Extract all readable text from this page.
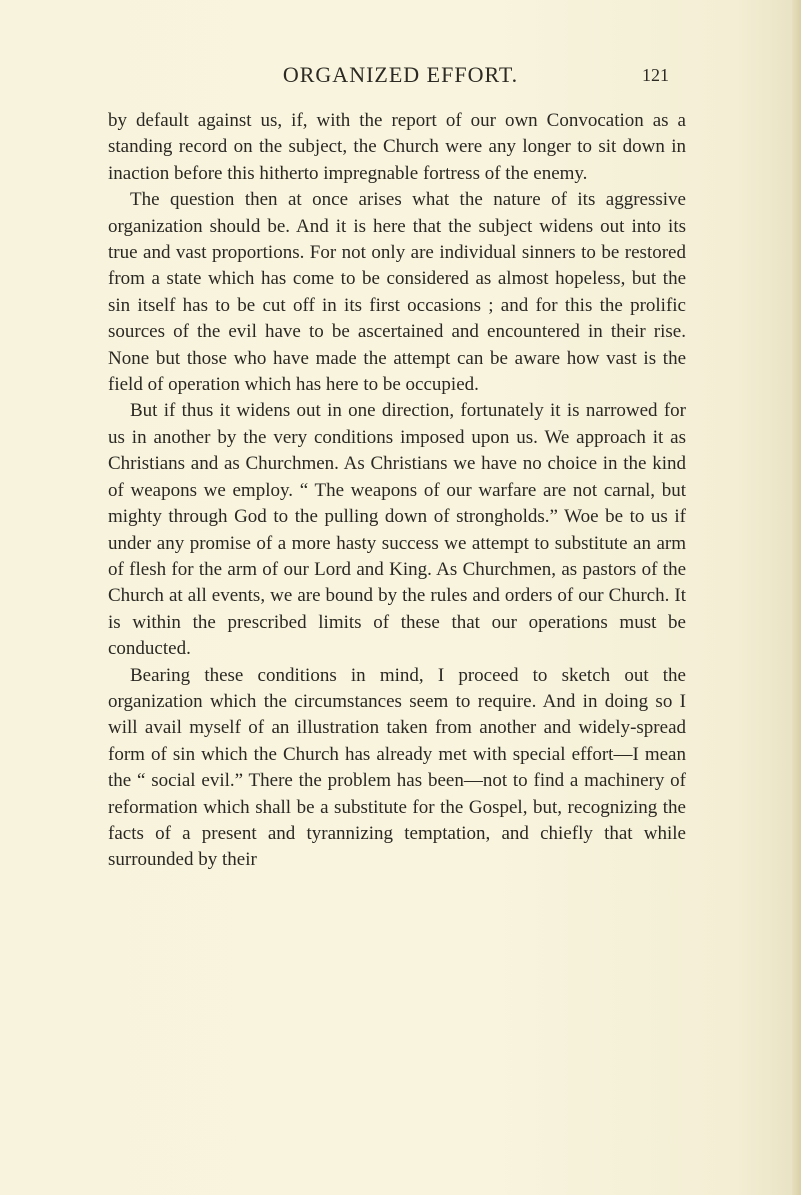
ORGANIZED EFFORT.	121

by default against us, if, with the report of our own Convocation as a standing record on the subject, the Church were any longer to sit down in inaction before this hitherto impregnable fortress of the enemy.

The question then at once arises what the nature of its aggressive organization should be. And it is here that the subject widens out into its true and vast proportions. For not only are individual sinners to be restored from a state which has come to be considered as almost hopeless, but the sin itself has to be cut off in its first occasions ; and for this the prolific sources of the evil have to be ascertained and encountered in their rise. None but those who have made the attempt can be aware how vast is the field of operation which has here to be occupied.

But if thus it widens out in one direction, fortunately it is narrowed for us in another by the very conditions imposed upon us. We approach it as Christians and as Churchmen. As Christians we have no choice in the kind of weapons we employ. “ The weapons of our warfare are not carnal, but mighty through God to the pulling down of strongholds.” Woe be to us if under any promise of a more hasty success we attempt to substitute an arm of flesh for the arm of our Lord and King. As Churchmen, as pastors of the Church at all events, we are bound by the rules and orders of our Church. It is within the prescribed limits of these that our operations must be conducted.

Bearing these conditions in mind, I proceed to sketch out the organization which the circumstances seem to require. And in doing so I will avail myself of an illustration taken from another and widely-spread form of sin which the Church has already met with special effort—I mean the “ social evil.” There the problem has been—not to find a machinery of reformation which shall be a substitute for the Gospel, but, recognizing the facts of a present and tyrannizing temptation, and chiefly that while surrounded by their
